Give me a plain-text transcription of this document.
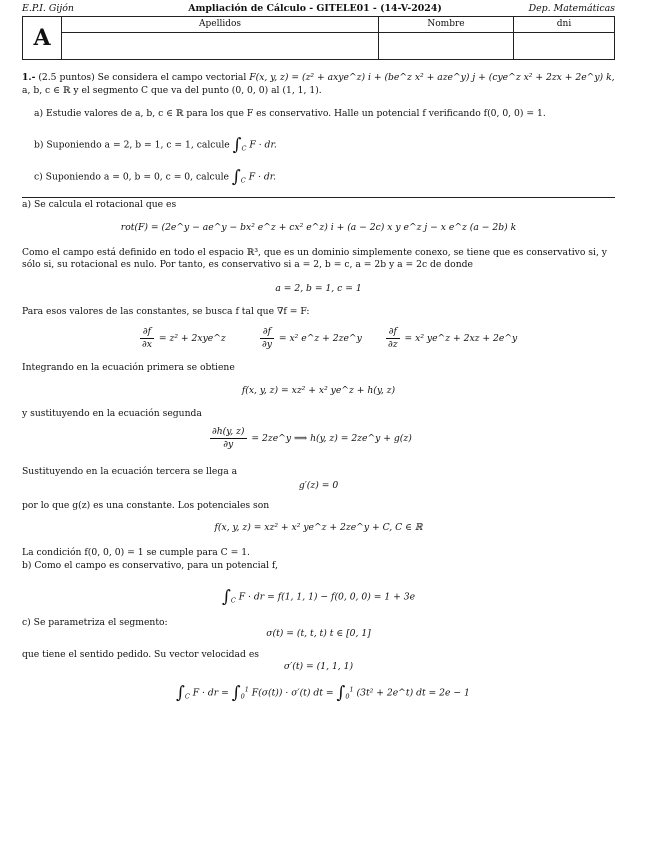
E.P.I. Gijón	Ampliación de Cálculo - GITELE01 - (14-V-2024)	Dep. Matemáticas
A	Apellidos	Nombre	dni

1.- (2.5 puntos) Se considera el campo vectorial F(x, y, z) = (z² + axye^z) i + (be^z x² + aze^y) j + (cye^z x² + 2zx + 2e^y) k,
a, b, c ∈ ℝ y el segmento C que va del punto (0, 0, 0) al (1, 1, 1).
a) Estudie valores de a, b, c ∈ ℝ para los que F es conservativo. Halle un potencial f verificando f(0, 0, 0) = 1.
b) Suponiendo a = 2, b = 1, c = 1, calcule $\int_C$ F · dr.
c) Suponiendo a = 0, b = 0, c = 0, calcule $\int_C$ F · dr.
a) Se calcula el rotacional que es
rot(F) = (2e^y − ae^y − bx² e^z + cx² e^z) i + (a − 2c) x y e^z j − x e^z (a − 2b) k
Como el campo está definido en todo el espacio ℝ³, que es un dominio simplemente conexo, se tiene que es conservativo si, y sólo si, su rotacional es nulo. Por tanto, es conservativo si a = 2, b = c, a = 2b y a = 2c de donde
a = 2, b = 1, c = 1
Para esos valores de las constantes, se busca f tal que ∇f = F:
$\frac{\partial f}{\partial x} = z^2$ + 2xye^z	$\frac{\partial f}{\partial y} = x^2$ e^z + 2ze^y	$\frac{\partial f}{\partial z} = x^2$ ye^z + 2xz + 2e^y
Integrando en la ecuación primera se obtiene
f(x, y, z) = xz² + x² ye^z + h(y, z)
y sustituyendo en la ecuación segunda
$\frac{\partial h(y, z)}{\partial y}$ = 2ze^y ⟹ h(y, z) = 2ze^y + g(z)
Sustituyendo en la ecuación tercera se llega a
g′(z) = 0
por lo que g(z) es una constante. Los potenciales son
f(x, y, z) = xz² + x² ye^z + 2ze^y + C, C ∈ ℝ
La condición f(0, 0, 0) = 1 se cumple para C = 1.
b) Como el campo es conservativo, para un potencial f,
$\int_C$ F · dr = f(1, 1, 1) − f(0, 0, 0) = 1 + 3e
c) Se parametriza el segmento:
σ(t) = (t, t, t) t ∈ [0, 1]
que tiene el sentido pedido. Su vector velocidad es
σ′(t) = (1, 1, 1)
$\int_C$ F · dr = $\int_0^1$ F(σ(t)) · σ′(t) dt = $\int_0^1$ (3t² + 2e^t) dt = 2e − 1
